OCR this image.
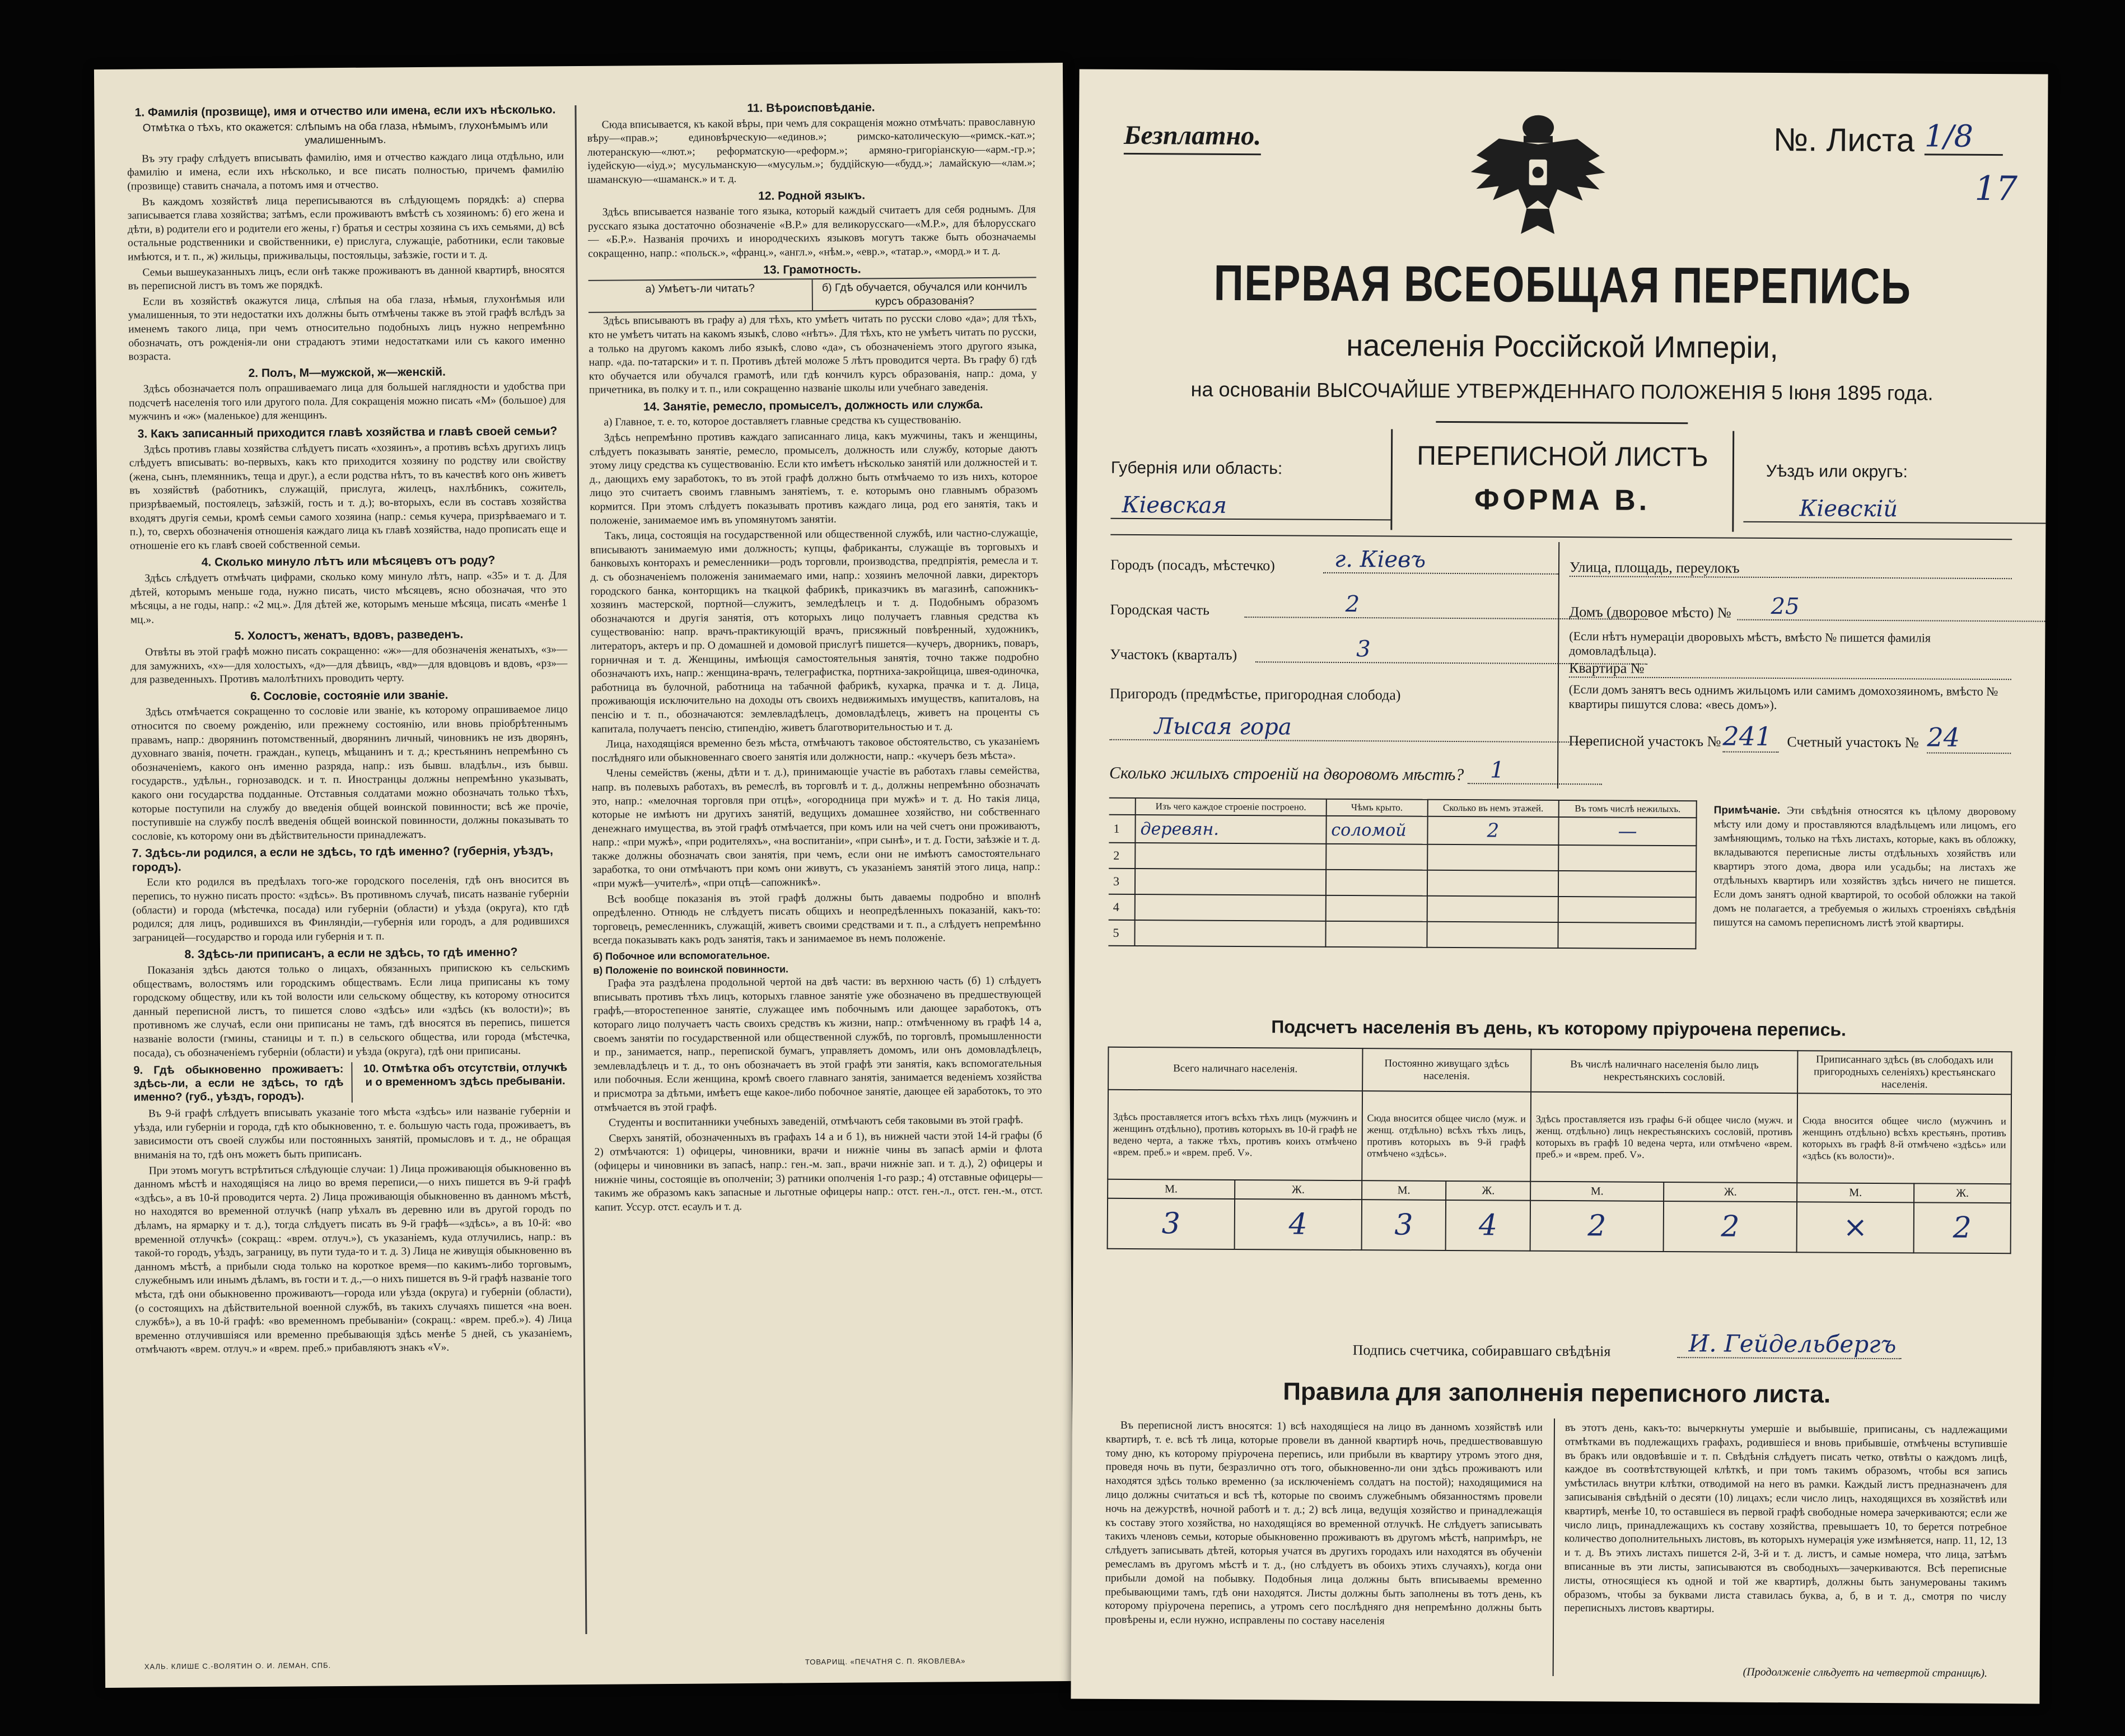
1. Фамилія (прозвище), имя и отчество или имена, если ихъ нѣсколько.
Отмѣтка о тѣхъ, кто окажется: слѣпымъ на оба глаза, нѣмымъ, глухонѣмымъ или умалишеннымъ.

Въ эту графу слѣдуетъ вписывать фамилію, имя и отчество каждаго лица отдѣльно, или фамилію и имена, если ихъ нѣсколько, и все писать полностью, причемъ фамилію (прозвище) ставить сначала, а потомъ имя и отчество.

Въ каждомъ хозяйствѣ лица переписываются въ слѣдующемъ порядкѣ: а) сперва записывается глава хозяйства; затѣмъ, если проживаютъ вмѣстѣ съ хозяиномъ: б) его жена и дѣти, в) родители его и родители его жены, г) братья и сестры хозяина съ ихъ семьями, д) всѣ остальные родственники и свойственники, е) прислуга, служащіе, работники, если таковые имѣются, и т. п., ж) жильцы, приживальцы, постояльцы, заѣзжіе, гости и т. д.

Семьи вышеуказанныхъ лицъ, если онѣ также проживаютъ въ данной квартирѣ, вносятся въ переписной листъ въ томъ же порядкѣ.

Если въ хозяйствѣ окажутся лица, слѣпыя на оба глаза, нѣмыя, глухонѣмыя или умалишенныя, то эти недостатки ихъ должны быть отмѣчены также въ этой графѣ вслѣдъ за именемъ такого лица, при чемъ относительно подобныхъ лицъ нужно непремѣнно обозначать, отъ рожденія-ли они страдаютъ этими недостатками или съ какого именно возраста.

2. Полъ, М—мужской, ж—женскій.

Здѣсь обозначается полъ опрашиваемаго лица для большей наглядности и удобства при подсчетѣ населенія того или другого пола. Для сокращенія можно писать «М» (большое) для мужчинъ и «ж» (маленькое) для женщинъ.

3. Какъ записанный приходится главѣ хозяйства и главѣ своей семьи?

Здѣсь противъ главы хозяйства слѣдуетъ писать «хозяинъ», а противъ всѣхъ другихъ лицъ слѣдуетъ вписывать: во-первыхъ, какъ кто приходится хозяину по родству или свойству (жена, сынъ, племянникъ, теща и друг.), а если родства нѣтъ, то въ качествѣ кого онъ живетъ въ хозяйствѣ (работникъ, служащій, прислуга, жилецъ, нахлѣбникъ, сожитель, призрѣваемый, постоялецъ, заѣзжій, гость и т. д.); во-вторыхъ, если въ составъ хозяйства входятъ другія семьи, кромѣ семьи самого хозяина (напр.: семья кучера, призрѣваемаго и т. п.), то, сверхъ обозначенія отношенія каждаго лица къ главѣ хозяйства, надо прописать еще и отношеніе его къ главѣ своей собственной семьи.

4. Сколько минуло лѣтъ или мѣсяцевъ отъ роду?

Здѣсь слѣдуетъ отмѣчать цифрами, сколько кому минуло лѣтъ, напр. «35» и т. д. Для дѣтей, которымъ меньше года, нужно писать, чисто мѣсяцевъ, ясно обозначая, что это мѣсяцы, а не годы, напр.: «2 мц.». Для дѣтей же, которымъ меньше мѣсяца, писать «менѣе 1 мц.».

5. Холостъ, женатъ, вдовъ, разведенъ.

Отвѣты въ этой графѣ можно писать сокращенно: «ж»—для обозначенія женатыхъ, «з»—для замужнихъ, «х»—для холостыхъ, «д»—для дѣвицъ, «вд»—для вдовцовъ и вдовъ, «рз»—для разведенныхъ. Противъ малолѣтнихъ проводить черту.

6. Сословіе, состояніе или званіе.

Здѣсь отмѣчается сокращенно то сословіе или званіе, къ которому опрашиваемое лицо относится по своему рожденію, или прежнему состоянію, или вновь пріобрѣтеннымъ правамъ, напр.: дворянинъ потомственный, дворянинъ личный, чиновникъ не изъ дворянъ, духовнаго званія, почетн. граждан., купецъ, мѣщанинъ и т. д.; крестьянинъ непремѣнно съ обозначеніемъ, какого онъ именно разряда, напр.: изъ бывш. владѣльч., изъ бывш. государств., удѣльн., горнозаводск. и т. п. Иностранцы должны непремѣнно указывать, какого они государства подданные. Отставныя солдатами можно обозначать только тѣхъ, которые поступили на службу до введенія общей воинской повинности; всѣ же прочіе, поступившіе на службу послѣ введенія общей воинской повинности, должны показывать то сословіе, къ которому они въ дѣйствительности принадлежатъ.

7. Здѣсь-ли родился, а если не здѣсь, то гдѣ именно? (губернія, уѣздъ, городъ).

Если кто родился въ предѣлахъ того-же городского поселенія, гдѣ онъ вносится въ перепись, то нужно писать просто: «здѣсь». Въ противномъ случаѣ, писать названіе губерніи (области) и города (мѣстечка, посада) или губерніи (области) и уѣзда (округа), кто гдѣ родился; для лицъ, родившихся въ Финляндіи,—губернія или городъ, а для родившихся заграницей—государство и города или губернія и т. п.

8. Здѣсь-ли приписанъ, а если не здѣсь, то гдѣ именно?

Показанія здѣсь даются только о лицахъ, обязанныхъ припискою къ сельскимъ обществамъ, волостямъ или городскимъ обществамъ. Если лица приписаны къ тому городскому обществу, или къ той волости или сельскому обществу, къ которому относится данный переписной листъ, то пишется слово «здѣсь» или «здѣсь (къ волости)»; въ противномъ же случаѣ, если они приписаны не тамъ, гдѣ вносятся въ перепись, пишется названіе волости (гмины, станицы и т. п.) в сельского общества, или города (мѣстечка, посада), съ обозначеніемъ губерніи (области) и уѣзда (округа), гдѣ они приписаны.

9. Гдѣ обыкновенно проживаетъ: здѣсь-ли, а если не здѣсь, то гдѣ именно? (губ., уѣздъ, городъ).
10. Отмѣтка объ отсутствіи, отлучкѣ и о временномъ здѣсь пребываніи.

Въ 9-й графѣ слѣдуетъ вписывать указаніе того мѣста «здѣсь» или названіе губерніи и уѣзда, или губерніи и города, гдѣ кто обыкновенно, т. е. большую часть года, проживаетъ, въ зависимости отъ своей службы или постоянныхъ занятій, промысловъ и т. д., не обращая вниманія на то, гдѣ онъ можетъ быть приписанъ.

При этомъ могутъ встрѣтиться слѣдующіе случаи: 1) Лица проживающія обыкновенно въ данномъ мѣстѣ и находящіяся на лицо во время переписи,—о нихъ пишется въ 9-й графѣ «здѣсь», а въ 10-й проводится черта. 2) Лица проживающія обыкновенно въ данномъ мѣстѣ, но находятся во временной отлучкѣ (напр уѣхалъ въ деревню или въ другой городъ по дѣламъ, на ярмарку и т. д.), тогда слѣдуетъ писать въ 9-й графѣ—«здѣсь», а въ 10-й: «во временной отлучкѣ» (сокращ.: «врем. отлуч.»), съ указаніемъ, куда отлучились, напр.: въ такой-то городъ, уѣздъ, заграницу, въ пути туда-то и т. д. 3) Лица не живущія обыкновенно въ данномъ мѣстѣ, а прибыли сюда только на короткое время—по какимъ-либо торговымъ, служебнымъ или инымъ дѣламъ, въ гости и т. д.,—о нихъ пишется въ 9-й графѣ названіе того мѣста, гдѣ они обыкновенно проживаютъ—города или уѣзда (округа) и губерніи (области), (о состоящихъ на дѣйствительной военной службѣ, въ такихъ случаяхъ пишется «на воен. службѣ»), а въ 10-й графѣ: «во временномъ пребываніи» (сокращ.: «врем. преб.»). 4) Лица временно отлучившіяся или временно пребывающія здѣсь менѣе 5 дней, съ указаніемъ, отмѣчаютъ «врем. отлуч.» и «врем. преб.» прибавляютъ знакъ «V».

11. Вѣроисповѣданіе.

Сюда вписывается, къ какой вѣры, при чемъ для сокращенія можно отмѣчать: православную вѣру—«прав.»; единовѣрческую—«единов.»; римско-католическую—«римск.-кат.»; лютеранскую—«лют.»; реформатскую—«реформ.»; армяно-григоріанскую—«арм.-гр.»; іудейскую—«іуд.»; мусульманскую—«мусульм.»; буддійскую—«будд.»; ламайскую—«лам.»; шаманскую—«шаманск.» и т. д.

12. Родной языкъ.

Здѣсь вписывается названіе того языка, который каждый считаетъ для себя роднымъ. Для русскаго языка достаточно обозначеніе «В.Р.» для великорусскаго—«М.Р.», для бѣлорусскаго — «Б.Р.». Названія прочихъ и инородческихъ языковъ могутъ также быть обозначаемы сокращенно, напр.: «польск.», «франц.», «англ.», «нѣм.», «евр.», «татар.», «морд.» и т. д.

13. Грамотность.
а) Умѣетъ-ли читать?	б) Гдѣ обучается, обучался или кончилъ курсъ образованія?

Здѣсь вписываютъ въ графу а) для тѣхъ, кто умѣетъ читать по русски слово «да»; для тѣхъ, кто не умѣетъ читать на какомъ языкѣ, слово «нѣтъ». Для тѣхъ, кто не умѣетъ читать по русски, а только на другомъ какомъ либо языкѣ, слово «да», съ обозначеніемъ этого другого языка, напр. «да. по-татарски» и т. п. Противъ дѣтей моложе 5 лѣтъ проводится черта. Въ графу б) гдѣ кто обучается или обучался грамотѣ, или гдѣ кончилъ курсъ образованія, напр.: дома, у причетника, въ полку и т. п., или сокращенно названіе школы или учебнаго заведенія.

14. Занятіе, ремесло, промыселъ, должность или служба.

а) Главное, т. е. то, которое доставляетъ главные средства къ существованію.

Здѣсь непремѣнно противъ каждаго записаннаго лица, какъ мужчины, такъ и женщины, слѣдуетъ показывать занятіе, ремесло, промыселъ, должность или службу, которые даютъ этому лицу средства къ существованію. Если кто имѣетъ нѣсколько занятій или должностей и т. д., дающихъ ему заработокъ, то въ этой графѣ должно быть отмѣчаемо то изъ нихъ, которое лицо это считаетъ своимъ главнымъ занятіемъ, т. е. которымъ оно главнымъ образомъ кормится. При этомъ слѣдуетъ показывать противъ каждаго лица, род его занятія, такъ и положеніе, занимаемое имъ въ упомянутомъ занятіи.

Такъ, лица, состоящія на государственной или общественной службѣ, или частно-служащіе, вписываютъ занимаемую ими должность; купцы, фабриканты, служащіе въ торговыхъ и банковыхъ конторахъ и ремесленники—родъ торговли, производства, предпріятія, ремесла и т. д. съ обозначеніемъ положенія занимаемаго ими, напр.: хозяинъ мелочной лавки, директоръ городского банка, конторщикъ на ткацкой фабрикѣ, приказчикъ въ магазинѣ, сапожникъ-хозяинъ мастерской, портной—служитъ, земледѣлецъ и т. д. Подобнымъ образомъ обозначаются и другія занятія, отъ которыхъ лицо получаетъ главныя средства къ существованію: напр. врачъ-практикующій врачъ, присяжный повѣренный, художникъ, литераторъ, актеръ и пр. О домашней и домовой прислугѣ пишется—кучеръ, дворникъ, поваръ, горничная и т. д. Женщины, имѣющія самостоятельныя занятія, точно также подробно обозначаютъ ихъ, напр.: женщина-врачъ, телеграфистка, портниха-закройщица, швея-одиночка, работница въ булочной, работница на табачной фабрикѣ, кухарка, прачка и т. д. Лица, проживающія исключительно на доходы отъ своихъ недвижимыхъ имуществъ, капиталовъ, на пенсію и т. п., обозначаются: землевладѣлецъ, домовладѣлецъ, живетъ на проценты съ капитала, получаетъ пенсію, стипендію, живетъ благотворительностью и т. д.

Лица, находящіяся временно безъ мѣста, отмѣчаютъ таковое обстоятельство, съ указаніемъ послѣдняго или обыкновеннаго своего занятія или должности, напр.: «кучеръ безъ мѣста».

Члены семействъ (жены, дѣти и т. д.), принимающіе участіе въ работахъ главы семейства, напр. въ полевыхъ работахъ, въ ремеслѣ, въ торговлѣ и т. д., должны непремѣнно обозначать это, напр.: «мелочная торговля при отцѣ», «огородница при мужѣ» и т. д. Но такія лица, которые не имѣютъ ни другихъ занятій, ведущихъ домашнее хозяйство, ни собственнаго денежнаго имущества, въ этой графѣ отмѣчается, при комъ или на чей счетъ они проживаютъ, напр.: «при мужѣ», «при родителяхъ», «на воспитаніи», «при сынѣ», и т. д. Гости, заѣзжіе и т. д. также должны обозначать свои занятія, при чемъ, если они не имѣютъ самостоятельнаго заработка, то они отмѣчаютъ при комъ они живутъ, съ указаніемъ занятій этого лица, напр.: «при мужѣ—учителѣ», «при отцѣ—сапожникѣ».

Всѣ вообще показанія въ этой графѣ должны быть даваемы подробно и вполнѣ опредѣленно. Отнюдь не слѣдуетъ писать общихъ и неопредѣленныхъ показаній, какъ-то: торговецъ, ремесленникъ, служащій, живетъ своими средствами и т. п., а слѣдуетъ непремѣнно всегда показывать какъ родъ занятія, такъ и занимаемое въ немъ положеніе.

б) Побочное или вспомогательное.
в) Положеніе по воинской повинности.

Графа эта раздѣлена продольной чертой на двѣ части: въ верхнюю часть (б) 1) слѣдуетъ вписывать противъ тѣхъ лицъ, которыхъ главное занятіе уже обозначено въ предшествующей графѣ,—второстепенное занятіе, служащее имъ побочнымъ или дающее заработокъ, отъ котораго лицо получаетъ часть своихъ средствъ къ жизни, напр.: отмѣченному въ графѣ 14 а, своемъ занятіи по государственной или общественной службѣ, по торговлѣ, промышленности и пр., занимается, напр., перепиской бумагъ, управляетъ домомъ, или онъ домовладѣлецъ, землевладѣлецъ и т. д., то онъ обозначаетъ въ этой графѣ эти занятія, какъ вспомогательныя или побочныя. Если женщина, кромѣ своего главнаго занятія, занимается веденіемъ хозяйства и присмотра за дѣтьми, имѣетъ еще какое-либо побочное занятіе, дающее ей заработокъ, то это отмѣчается въ этой графѣ.

Студенты и воспитанники учебныхъ заведеній, отмѣчаютъ себя таковыми въ этой графѣ.

Сверхъ занятій, обозначенныхъ въ графахъ 14 а и б 1), въ нижней части этой 14-й графы (б 2) отмѣчаются: 1) офицеры, чиновники, врачи и нижніе чины въ запасѣ арміи и флота (офицеры и чиновники въ запасѣ, напр.: ген.-м. зап., врачи нижніе зап. и т. д.), 2) офицеры и нижніе чины, состоящіе въ ополченіи; 3) ратники ополченія 1-го разр.; 4) отставные офицеры—такимъ же образомъ какъ запасные и льготные офицеры напр.: отст. ген.-л., отст. ген.-м., отст. капит. Уссур. отст. есаулъ и т. д.

ХАЛЬ. КЛИШЕ С.-ВОЛЯТИН О. И. ЛЕМАН, СПБ.	ТОВАРИЩ. «ПЕЧАТНЯ С. П. ЯКОВЛЕВА»
Безплатно.	№. Листа 1/8
17
ПЕРВАЯ ВСЕОБЩАЯ ПЕРЕПИСЬ
населенія Россійской Имперіи,
на основаніи ВЫСОЧАЙШЕ УТВЕРЖДЕННАГО ПОЛОЖЕНІЯ 5 Іюня 1895 года.
ПЕРЕПИСНОЙ ЛИСТЪ
ФОРМА В.
Губернія или область:
Кіевская
Уѣздъ или округъ:
Кіевскій
Городъ (посадъ, мѣстечко)	г. Кіевъ
Городская часть	2
Участокъ (кварталъ)	3
Пригородъ (предмѣстье, пригородная слобода)
Лысая гора
Улица, площадь, переулокъ
Домъ (дворовое мѣсто) №	25
(Если нѣтъ нумераціи дворовыхъ мѣстъ, вмѣсто № пишется фамилія домовладѣльца).
Квартира №
(Если домъ занятъ весь однимъ жильцомъ или самимъ домохозяиномъ, вмѣсто № квартиры пишутся слова: «весь домъ»).
Переписной участокъ № 241	Счетный участокъ № 24
Сколько жилыхъ строеній на дворовомъ мѣстѣ?	1
	Изъ чего каждое строеніе построено.	Чѣмъ крыто.	Сколько въ немъ этажей.	Въ томъ числѣ нежилыхъ.
1	деревян.	соломой	2	—
2				
3				
4				
5				
Примѣчаніе. Эти свѣдѣнія относятся къ цѣлому дворовому мѣсту или дому и проставляются владѣльцемъ или лицомъ, его замѣняющимъ, только на тѣхъ листахъ, которые, какъ въ обложку, вкладываются переписные листы отдѣльныхъ хозяйствъ или квартиръ этого дома, двора или усадьбы; на листахъ же отдѣльныхъ квартиръ или хозяйствъ здѣсь ничего не пишется. Если домъ занятъ одной квартирой, то особой обложки на такой домъ не полагается, а требуемыя о жилыхъ строеніяхъ свѣдѣнія пишутся на самомъ переписномъ листѣ этой квартиры.
Подсчетъ населенія въ день, къ которому пріурочена перепись.
Всего наличнаго населенія.		Постоянно живущаго здѣсь населенія.		Въ числѣ наличнаго населенія было лицъ некрестьянскихъ сословій.		Приписаннаго здѣсь (въ слободахъ или пригородныхъ селеніяхъ) крестьянскаго населенія.	
Здѣсь проставляется итогъ всѣхъ тѣхъ лицъ (мужчинъ и женщинъ отдѣльно), противъ которыхъ въ 10-й графѣ не ведено черта, а также тѣхъ, противъ коихъ отмѣчено «врем. преб.» и «врем. преб. V».		Сюда вносится общее число (муж. и женщ. отдѣльно) всѣхъ тѣхъ лицъ, противъ которыхъ въ 9-й графѣ отмѣчено «здѣсь».		Здѣсь проставляется изъ графы 6-й общее число (мужч. и женщ. отдѣльно) лицъ некрестьянскихъ сословій, противъ которыхъ въ графѣ 10 ведена черта, или отмѣчено «врем. преб.» и «врем. преб. V».		Сюда вносится общее число (мужчинъ и женщинъ отдѣльно) всѣхъ крестьянъ, противъ которыхъ въ графѣ 8-й отмѣчено «здѣсь» или «здѣсь (къ волости)».	
М.	Ж.	М.	Ж.	М.	Ж.	М.	Ж.
3	4	3	4	2	2	×	2
Подпись счетчика, собиравшаго свѣдѣнія	И. Гейдельбергъ
Правила для заполненія переписного листа.
Въ переписной листъ вносятся: 1) всѣ находящіеся на лицо въ данномъ хозяйствѣ или квартирѣ, т. е. всѣ тѣ лица, которые провели въ данной квартирѣ ночь, предшествовавшую тому дню, къ которому пріурочена перепись, или прибыли въ квартиру утромъ этого дня, проведя ночь въ пути, безразлично отъ того, обыкновенно-ли они здѣсь проживаютъ или находятся здѣсь только временно (за исключеніемъ солдатъ на постой); находящимися на лицо должны считаться и всѣ тѣ, которые по своимъ служебнымъ обязанностямъ провели ночь на дежурствѣ, ночной работѣ и т. д.; 2) всѣ лица, ведущія хозяйство и принадлежащія къ составу этого хозяйства, но находящіяся во временной отлучкѣ. Не слѣдуетъ записывать такихъ членовъ семьи, которые обыкновенно проживаютъ въ другомъ мѣстѣ, напримѣръ, не слѣдуетъ записывать дѣтей, которыя учатся въ другихъ городахъ или находятся въ обученіи ремесламъ въ другомъ мѣстѣ и т. д., (но слѣдуетъ въ обоихъ этихъ случаяхъ), когда они прибыли домой на побывку. Подобныя лица должны быть вписываемы временно пребывающими тамъ, гдѣ они находятся. Листы должны быть заполнены въ тотъ день, къ которому пріурочена перепись, а утромъ сего послѣдняго дня непремѣнно должны быть провѣрены и, если нужно, исправлены по составу населенія
въ этотъ день, какъ-то: вычеркнуты умершіе и выбывшіе, приписаны, съ надлежащими отмѣтками въ подлежащихъ графахъ, родившіеся и вновь прибывшіе, отмѣчены вступившіе въ бракъ или овдовѣвшіе и т. п. Свѣдѣнія слѣдуетъ писать четко, отвѣты о каждомъ лицѣ, каждое въ соотвѣтствующей клѣткѣ, и при томъ такимъ образомъ, чтобы вся запись умѣстилась внутри клѣтки, отводимой на него въ рамки. Каждый листъ предназначенъ для записыванія свѣдѣній о десяти (10) лицахъ; если число лицъ, находящихся въ хозяйствѣ или квартирѣ, менѣе 10, то оставшіеся въ первой графѣ свободные номера зачеркиваются; если же число лицъ, принадлежащихъ къ составу хозяйства, превышаетъ 10, то берется потребное количество дополнительныхъ листовъ, въ которыхъ нумерація уже измѣняется, напр. 11, 12, 13 и т. д. Въ этихъ листахъ пишется 2-й, 3-й и т. д. листъ, и самые номера, что лица, затѣмъ вписанные въ эти листы, записываются въ свободныхъ—зачеркиваются. Всѣ переписные листы, относящіеся къ одной и той же квартирѣ, должны быть занумерованы такимъ образомъ, чтобы за буквами листа ставилась буква, а, б, в и т. д., смотря по числу переписныхъ листовъ квартиры.
(Продолженіе слѣдуетъ на четвертой страницѣ).
